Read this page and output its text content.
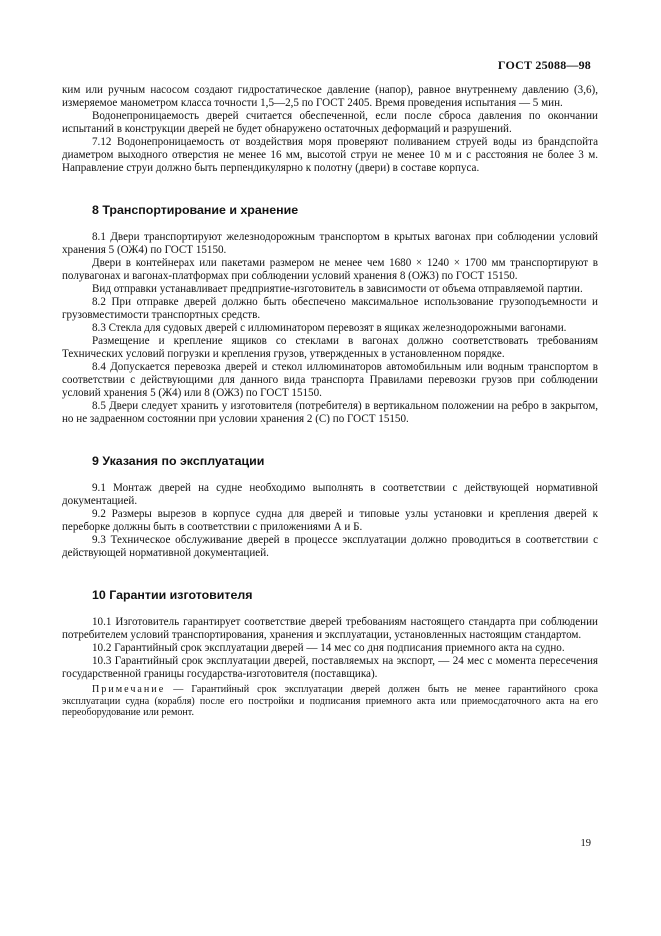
ГОСТ 25088—98

ким или ручным насосом создают гидростатическое давление (напор), равное внутреннему давлению (3,6), измеряемое манометром класса точности 1,5—2,5 по ГОСТ 2405. Время проведения испытания — 5 мин.

Водонепроницаемость дверей считается обеспеченной, если после сброса давления по окончании испытаний в конструкции дверей не будет обнаружено остаточных деформаций и разрушений.

7.12 Водонепроницаемость от воздействия моря проверяют поливанием струей воды из брандспойта диаметром выходного отверстия не менее 16 мм, высотой струи не менее 10 м и с расстояния не более 3 м. Направление струи должно быть перпендикулярно к полотну (двери) в составе корпуса.

8 Транспортирование и хранение

8.1 Двери транспортируют железнодорожным транспортом в крытых вагонах при соблюдении условий хранения 5 (ОЖ4) по ГОСТ 15150.

Двери в контейнерах или пакетами размером не менее чем 1680 × 1240 × 1700 мм транспортируют в полувагонах и вагонах-платформах при соблюдении условий хранения 8 (ОЖ3) по ГОСТ 15150.

Вид отправки устанавливает предприятие-изготовитель в зависимости от объема отправляемой партии.

8.2 При отправке дверей должно быть обеспечено максимальное использование грузоподъемности и грузовместимости транспортных средств.

8.3 Стекла для судовых дверей с иллюминатором перевозят в ящиках железнодорожными вагонами.

Размещение и крепление ящиков со стеклами в вагонах должно соответствовать требованиям Технических условий погрузки и крепления грузов, утвержденных в установленном порядке.

8.4 Допускается перевозка дверей и стекол иллюминаторов автомобильным или водным транспортом в соответствии с действующими для данного вида транспорта Правилами перевозки грузов при соблюдении условий хранения 5 (Ж4) или 8 (ОЖ3) по ГОСТ 15150.

8.5 Двери следует хранить у изготовителя (потребителя) в вертикальном положении на ребро в закрытом, но не задраенном состоянии при условии хранения 2 (С) по ГОСТ 15150.

9 Указания по эксплуатации

9.1 Монтаж дверей на судне необходимо выполнять в соответствии с действующей нормативной документацией.

9.2 Размеры вырезов в корпусе судна для дверей и типовые узлы установки и крепления дверей к переборке должны быть в соответствии с приложениями А и Б.

9.3 Техническое обслуживание дверей в процессе эксплуатации должно проводиться в соответствии с действующей нормативной документацией.

10 Гарантии изготовителя

10.1 Изготовитель гарантирует соответствие дверей требованиям настоящего стандарта при соблюдении потребителем условий транспортирования, хранения и эксплуатации, установленных настоящим стандартом.

10.2 Гарантийный срок эксплуатации дверей — 14 мес со дня подписания приемного акта на судно.

10.3 Гарантийный срок эксплуатации дверей, поставляемых на экспорт, — 24 мес с момента пересечения государственной границы государства-изготовителя (поставщика).

Примечание — Гарантийный срок эксплуатации дверей должен быть не менее гарантийного срока эксплуатации судна (корабля) после его постройки и подписания приемного акта или приемосдаточного акта на его переоборудование или ремонт.
19
